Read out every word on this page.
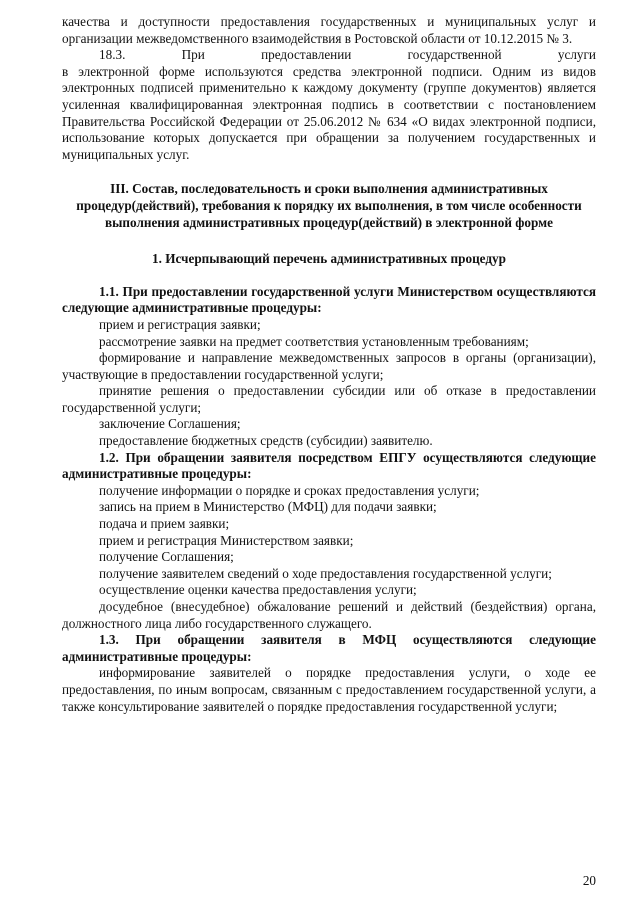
качества и доступности предоставления государственных и муниципальных услуг и организации межведомственного взаимодействия в Ростовской области от 10.12.2015 № 3.

18.3.	При	предоставлении	государственной	услуги

в электронной форме используются средства электронной подписи. Одним из видов электронных подписей применительно к каждому документу (группе документов) является усиленная квалифицированная электронная подпись в соответствии с постановлением Правительства Российской Федерации от 25.06.2012 № 634 «О видах электронной подписи, использование которых допускается при обращении за получением государственных и муниципальных услуг.

III. Состав, последовательность и сроки выполнения административных процедур(действий), требования к порядку их выполнения, в том числе особенности выполнения административных процедур(действий) в электронной форме

1. Исчерпывающий перечень административных процедур

1.1. При предоставлении государственной услуги Министерством осуществляются следующие административные процедуры:

прием и регистрация заявки;

рассмотрение заявки на предмет соответствия установленным требованиям;

формирование и направление межведомственных запросов в органы (организации), участвующие в предоставлении государственной услуги;

принятие решения о предоставлении субсидии или об отказе в предоставлении государственной услуги;

заключение Соглашения;

предоставление бюджетных средств (субсидии) заявителю.

1.2. При обращении заявителя посредством ЕПГУ осуществляются следующие административные процедуры:

получение информации о порядке и сроках предоставления услуги;

запись на прием в Министерство (МФЦ) для подачи заявки;

подача и прием заявки;

прием и регистрация Министерством заявки;

получение Соглашения;

получение заявителем сведений о ходе предоставления государственной услуги;

осуществление оценки качества предоставления услуги;

досудебное (внесудебное) обжалование решений и действий (бездействия) органа, должностного лица либо государственного служащего.

1.3. При обращении заявителя в МФЦ осуществляются следующие административные процедуры:

информирование заявителей о порядке предоставления услуги, о ходе ее предоставления, по иным вопросам, связанным с предоставлением государственной услуги, а также консультирование заявителей о порядке предоставления государственной услуги;

20
